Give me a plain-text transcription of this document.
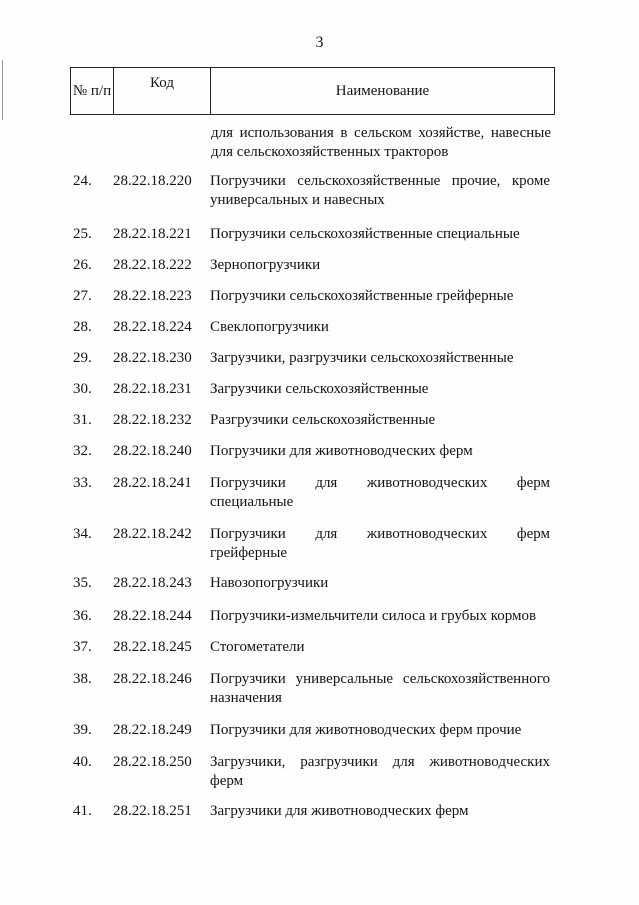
3
№ п/п	Код	Наименование
для использования в сельском хозяйстве, навесные для сельскохозяйственных тракторов
24.	28.22.18.220 Погрузчики сельскохозяйственные прочие, кроме
универсальных и навесных
25.	28.22.18.221 Погрузчики сельскохозяйственные специальные
26.	28.22.18.222 Зернопогрузчики
27.	28.22.18.223 Погрузчики сельскохозяйственные грейферные
28.	28.22.18.224 Свеклопогрузчики
29.	28.22.18.230 Загрузчики, разгрузчики сельскохозяйственные
30.	28.22.18.231 Загрузчики сельскохозяйственные
31.	28.22.18.232 Разгрузчики сельскохозяйственные
32.	28.22.18.240 Погрузчики для животноводческих ферм
33.	28.22.18.241 Погрузчики для животноводческих ферм
специальные
34.	28.22.18.242 Погрузчики для животноводческих ферм
грейферные
35.	28.22.18.243 Навозопогрузчики
36.	28.22.18.244 Погрузчики-измельчители силоса и грубых кормов
37.	28.22.18.245 Стогометатели
38.	28.22.18.246 Погрузчики универсальные сельскохозяйственного
назначения
39.	28.22.18.249 Погрузчики для животноводческих ферм прочие
40.	28.22.18.250 Загрузчики, разгрузчики для животноводческих
ферм
41.	28.22.18.251 Загрузчики для животноводческих ферм
